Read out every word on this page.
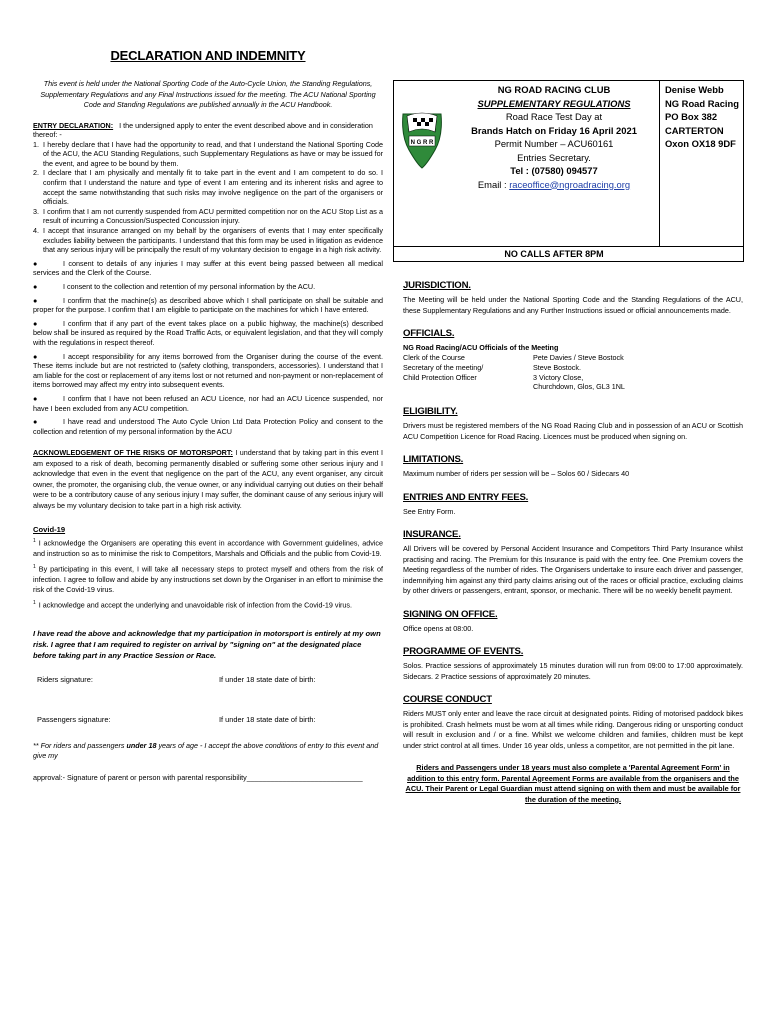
DECLARATION AND INDEMNITY

This event is held under the National Sporting Code of the Auto-Cycle Union, the Standing Regulations, Supplementary Regulations and any Final Instructions issued for the meeting. The ACU National Sporting Code and Standing Regulations are published annually in the ACU Handbook.

ENTRY DECLARATION: I the undersigned apply to enter the event described above and in consideration thereof: -

1. I hereby declare that I have had the opportunity to read, and that I understand the National Sporting Code of the ACU, the ACU Standing Regulations, such Supplementary Regulations as have or may be issued for the event, and agree to be bound by them.
2. I declare that I am physically and mentally fit to take part in the event and I am competent to do so. I confirm that I understand the nature and type of event I am entering and its inherent risks and agree to accept the same notwithstanding that such risks may involve negligence on the part of the organisers or officials.
3. I confirm that I am not currently suspended from ACU permitted competition nor on the ACU Stop List as a result of incurring a Concussion/Suspected Concussion injury.
4. I accept that insurance arranged on my behalf by the organisers of events that I may enter specifically excludes liability between the participants. I understand that this form may be used in litigation as evidence that any serious injury will be principally the result of my voluntary decision to engage in a high risk activity.

●	I consent to details of any injuries I may suffer at this event being passed between all medical services and the Clerk of the Course.

●	I consent to the collection and retention of my personal information by the ACU.

●	I confirm that the machine(s) as described above which I shall participate on shall be suitable and proper for the purpose. I confirm that I am eligible to participate on the machines for which I have entered.

●	I confirm that if any part of the event takes place on a public highway, the machine(s) described below shall be insured as required by the Road Traffic Acts, or equivalent legislation, and that they will comply with the regulations in respect thereof.

●	I accept responsibility for any items borrowed from the Organiser during the course of the event. These items include but are not restricted to (safety clothing, transponders, accessories). I understand that I am liable for the cost or replacement of any items lost or not returned and non-payment or non-replacement of items borrowed may affect my entry into subsequent events.

●	I confirm that I have not been refused an ACU Licence, nor had an ACU Licence suspended, nor have I been excluded from any ACU competition.

●	I have read and understood The Auto Cycle Union Ltd Data Protection Policy and consent to the collection and retention of my personal information by the ACU

ACKNOWLEDGEMENT OF THE RISKS OF MOTORSPORT: I understand that by taking part in this event I am exposed to a risk of death, becoming permanently disabled or suffering some other serious injury and I acknowledge that even in the event that negligence on the part of the ACU, any event organiser, any circuit owner, the promoter, the organising club, the venue owner, or any individual carrying out duties on their behalf were to be a contributory cause of any serious injury I may suffer, the dominant cause of any serious injury will always be my voluntary decision to take part in a high risk activity.

Covid-19

$^1$ I acknowledge the Organisers are operating this event in accordance with Government guidelines, advice and instruction so as to minimise the risk to Competitors, Marshals and Officials and the public from Covid-19.

$^1$ By participating in this event, I will take all necessary steps to protect myself and others from the risk of infection. I agree to follow and abide by any instructions set down by the Organiser in an effort to minimise the risk of the Covid-19 virus.

$^1$ I acknowledge and accept the underlying and unavoidable risk of infection from the Covid-19 virus.

I have read the above and acknowledge that my participation in motorsport is entirely at my own risk. I agree that I am required to register on arrival by "signing on" at the designated place before taking part in any Practice Session or Race.

Riders signature:	If under 18 state date of birth:
Passengers signature:	If under 18 state date of birth:

** For riders and passengers under 18 years of age - I accept the above conditions of entry to this event and give my

approval:- Signature of parent or person with parental responsibility_____________________________
N G R R
NG ROAD RACING CLUB
SUPPLEMENTARY REGULATIONS
Road Race Test Day at
Brands Hatch on Friday 16 April 2021
Permit Number – ACU60161
Entries Secretary.
Tel : (07580) 094577
Email : raceoffice@ngroadracing.org
Denise Webb
NG Road Racing
PO Box 382
CARTERTON
Oxon OX18 9DF
NO CALLS AFTER 8PM
JURISDICTION.

The Meeting will be held under the National Sporting Code and the Standing Regulations of the ACU, these Supplementary Regulations and any Further Instructions issued or official announcements made.

OFFICIALS.
NG Road Racing/ACU Officials of the Meeting
Clerk of the Course	Pete Davies / Steve Bostock
Secretary of the meeting/	Steve Bostock.
Child Protection Officer	3 Victory Close,
Churchdown, Glos, GL3 1NL
ELIGIBILITY.

Drivers must be registered members of the NG Road Racing Club and in possession of an ACU or Scottish ACU Competition Licence for Road Racing. Licences must be produced when signing on.

LIMITATIONS.

Maximum number of riders per session will be – Solos 60 / Sidecars 40

ENTRIES AND ENTRY FEES.

See Entry Form.

INSURANCE.

All Drivers will be covered by Personal Accident Insurance and Competitors Third Party Insurance whilst practising and racing. The Premium for this Insurance is paid with the entry fee. One Premium covers the Meeting regardless of the number of rides. The Organisers undertake to insure each driver and passenger, indemnifying him against any third party claims arising out of the races or official practice, excluding claims by other drivers or passengers, entrant, sponsor, or mechanic. There will be no weekly benefit payment.

SIGNING ON OFFICE.

Office opens at 08:00.

PROGRAMME OF EVENTS.

Solos. Practice sessions of approximately 15 minutes duration will run from 09:00 to 17:00 approximately. Sidecars. 2 Practice sessions of approximately 20 minutes.

COURSE CONDUCT

Riders MUST only enter and leave the race circuit at designated points. Riding of motorised paddock bikes is prohibited. Crash helmets must be worn at all times while riding. Dangerous riding or unsporting conduct will result in exclusion and / or a fine. Whilst we welcome children and families, children must be kept under strict control at all times. Under 16 year olds, unless a competitor, are not permitted in the pit lane.

Riders and Passengers under 18 years must also complete a 'Parental Agreement Form' in addition to this entry form. Parental Agreement Forms are available from the organisers and the ACU. Their Parent or Legal Guardian must attend signing on with them and must be available for the duration of the meeting.
